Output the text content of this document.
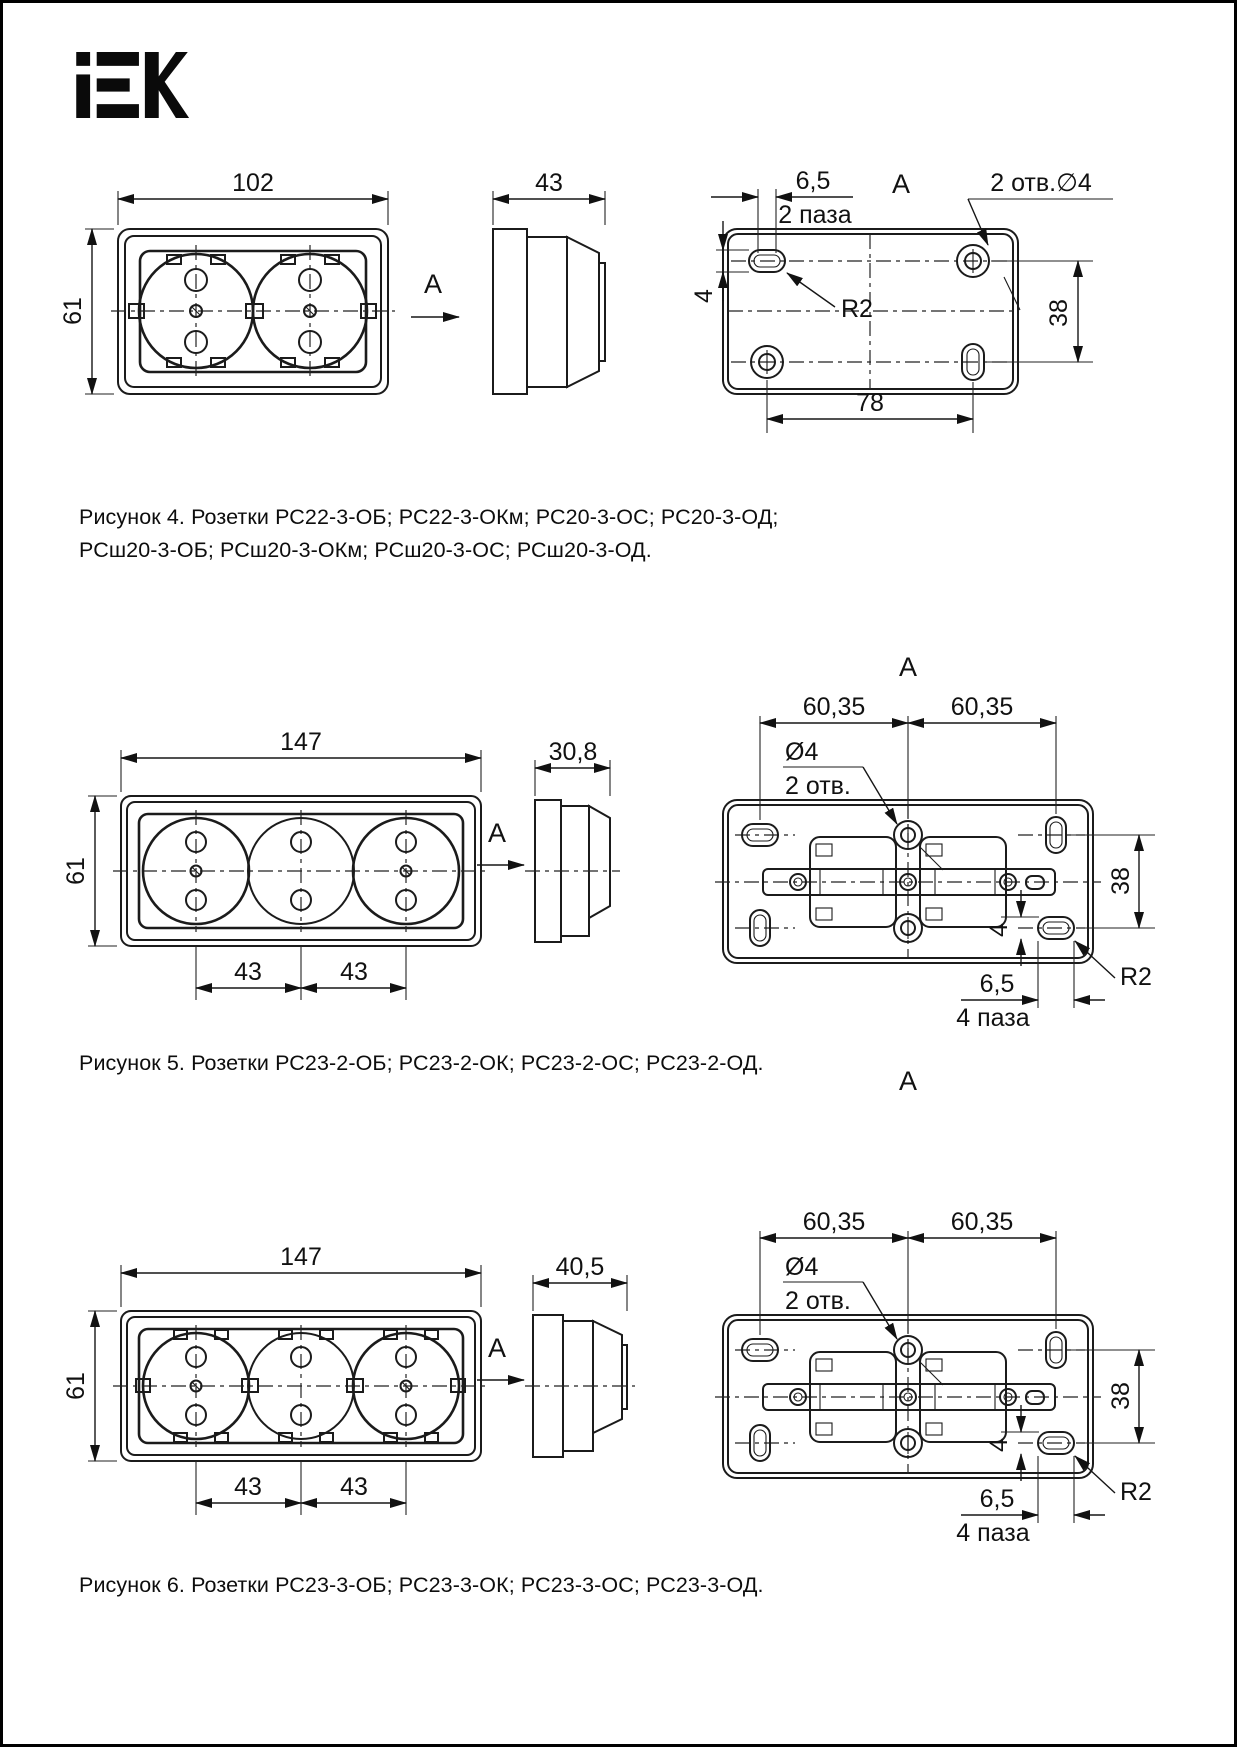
102
61
А
43	6,5
2 паза
А	2 отв.∅4
R2
4
38
78
Рисунок 4. Розетки РС22-3-ОБ; РС22-3-ОКм; РС20-3-ОС; РС20-3-ОД;
РСш20-3-ОБ; РСш20-3-ОКм; РСш20-3-ОС; РСш20-3-ОД.
147
61
43	43
А
30,8
А
60,35	60,35
Ø4
2 отв.
38
4
R2
6,5
4 паза
Рисунок 5. Розетки РС23-2-ОБ; РС23-2-ОК; РС23-2-ОС; РС23-2-ОД.
А
147
61
43	43
А
40,5
60,35	60,35
Ø4
2 отв.
38
4
R2
6,5
4 паза
Рисунок 6. Розетки РС23-3-ОБ; РС23-3-ОК; РС23-3-ОС; РС23-3-ОД.
